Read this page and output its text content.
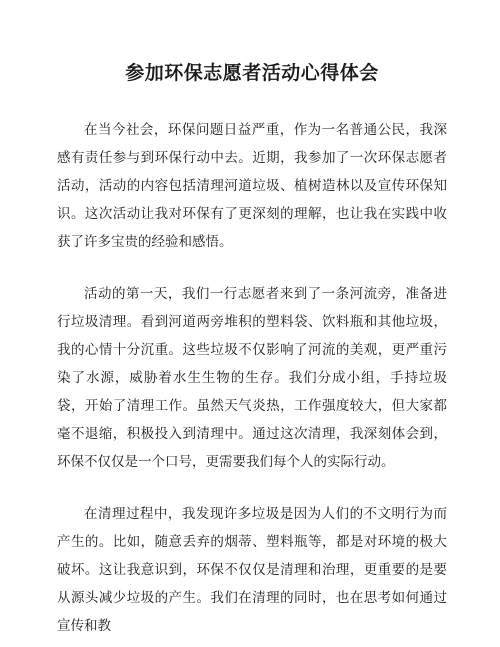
参加环保志愿者活动心得体会

在当今社会，环保问题日益严重，作为一名普通公民，我深感有责任参与到环保行动中去。近期，我参加了一次环保志愿者活动，活动的内容包括清理河道垃圾、植树造林以及宣传环保知识。这次活动让我对环保有了更深刻的理解，也让我在实践中收获了许多宝贵的经验和感悟。

活动的第一天，我们一行志愿者来到了一条河流旁，准备进行垃圾清理。看到河道两旁堆积的塑料袋、饮料瓶和其他垃圾，我的心情十分沉重。这些垃圾不仅影响了河流的美观，更严重污染了水源，威胁着水生生物的生存。我们分成小组，手持垃圾袋，开始了清理工作。虽然天气炎热，工作强度较大，但大家都毫不退缩，积极投入到清理中。通过这次清理，我深刻体会到，环保不仅仅是一个口号，更需要我们每个人的实际行动。

在清理过程中，我发现许多垃圾是因为人们的不文明行为而产生的。比如，随意丢弃的烟蒂、塑料瓶等，都是对环境的极大破坏。这让我意识到，环保不仅仅是清理和治理，更重要的是要从源头减少垃圾的产生。我们在清理的同时，也在思考如何通过宣传和教
